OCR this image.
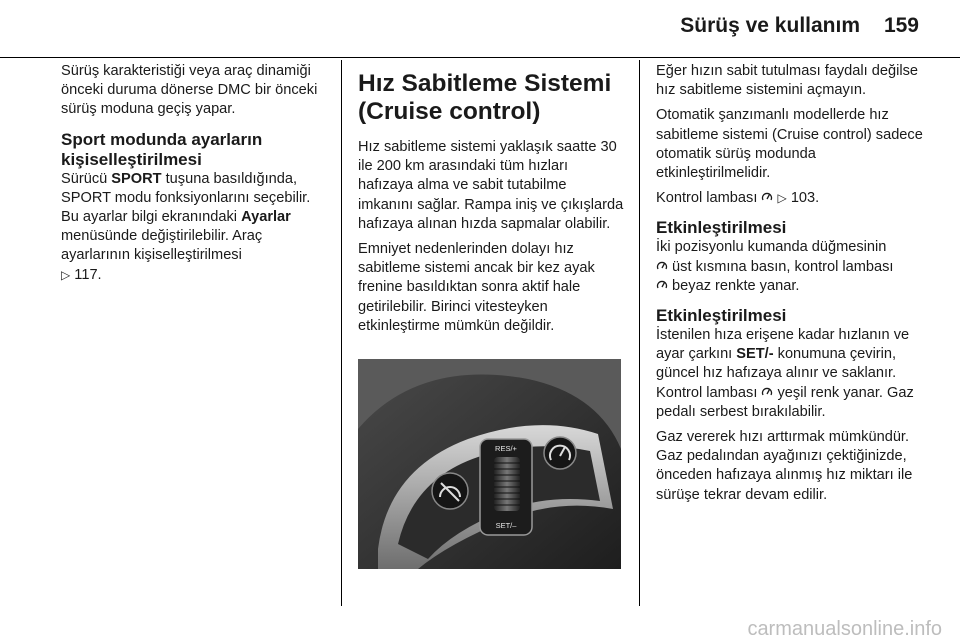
Sürüş ve kullanım 159

Sürüş karakteristiği veya araç dinamiği önceki duruma dönerse DMC bir önceki sürüş moduna geçiş yapar.

Sport modunda ayarların kişiselleştirilmesi

Sürücü SPORT tuşuna basıldığında, SPORT modu fonksiyonlarını seçebilir. Bu ayarlar bilgi ekranındaki Ayarlar menüsünde değiştirilebilir. Araç ayarlarının kişiselleştirilmesi
▷ 117.

Hız Sabitleme Sistemi (Cruise control)

Hız sabitleme sistemi yaklaşık saatte 30 ile 200 km arasındaki tüm hızları hafızaya alma ve sabit tutabilme imkanını sağlar. Rampa iniş ve çıkışlarda hafızaya alınan hızda sapmalar olabilir.

Emniyet nedenlerinden dolayı hız sabitleme sistemi ancak bir kez ayak frenine basıldıktan sonra aktif hale getirilebilir. Birinci vitesteyken etkinleştirme mümkün değildir.

RES/+
SET/–

Eğer hızın sabit tutulması faydalı değilse hız sabitleme sistemini açmayın.

Otomatik şanzımanlı modellerde hız sabitleme sistemi (Cruise control) sadece otomatik sürüş modunda etkinleştirilmelidir.

Kontrol lambası  ▷ 103.

Etkinleştirilmesi

İki pozisyonlu kumanda düğmesinin
üst kısmına basın, kontrol lambası
beyaz renkte yanar.

Etkinleştirilmesi

İstenilen hıza erişene kadar hızlanın ve ayar çarkını SET/- konumuna çevirin, güncel hız hafızaya alınır ve saklanır. Kontrol lambası  yeşil renk yanar. Gaz pedalı serbest bırakılabilir.

Gaz vererek hızı arttırmak mümkündür. Gaz pedalından ayağınızı çektiğinizde, önceden hafızaya alınmış hız miktarı ile sürüşe tekrar devam edilir.

carmanualsonline.info
